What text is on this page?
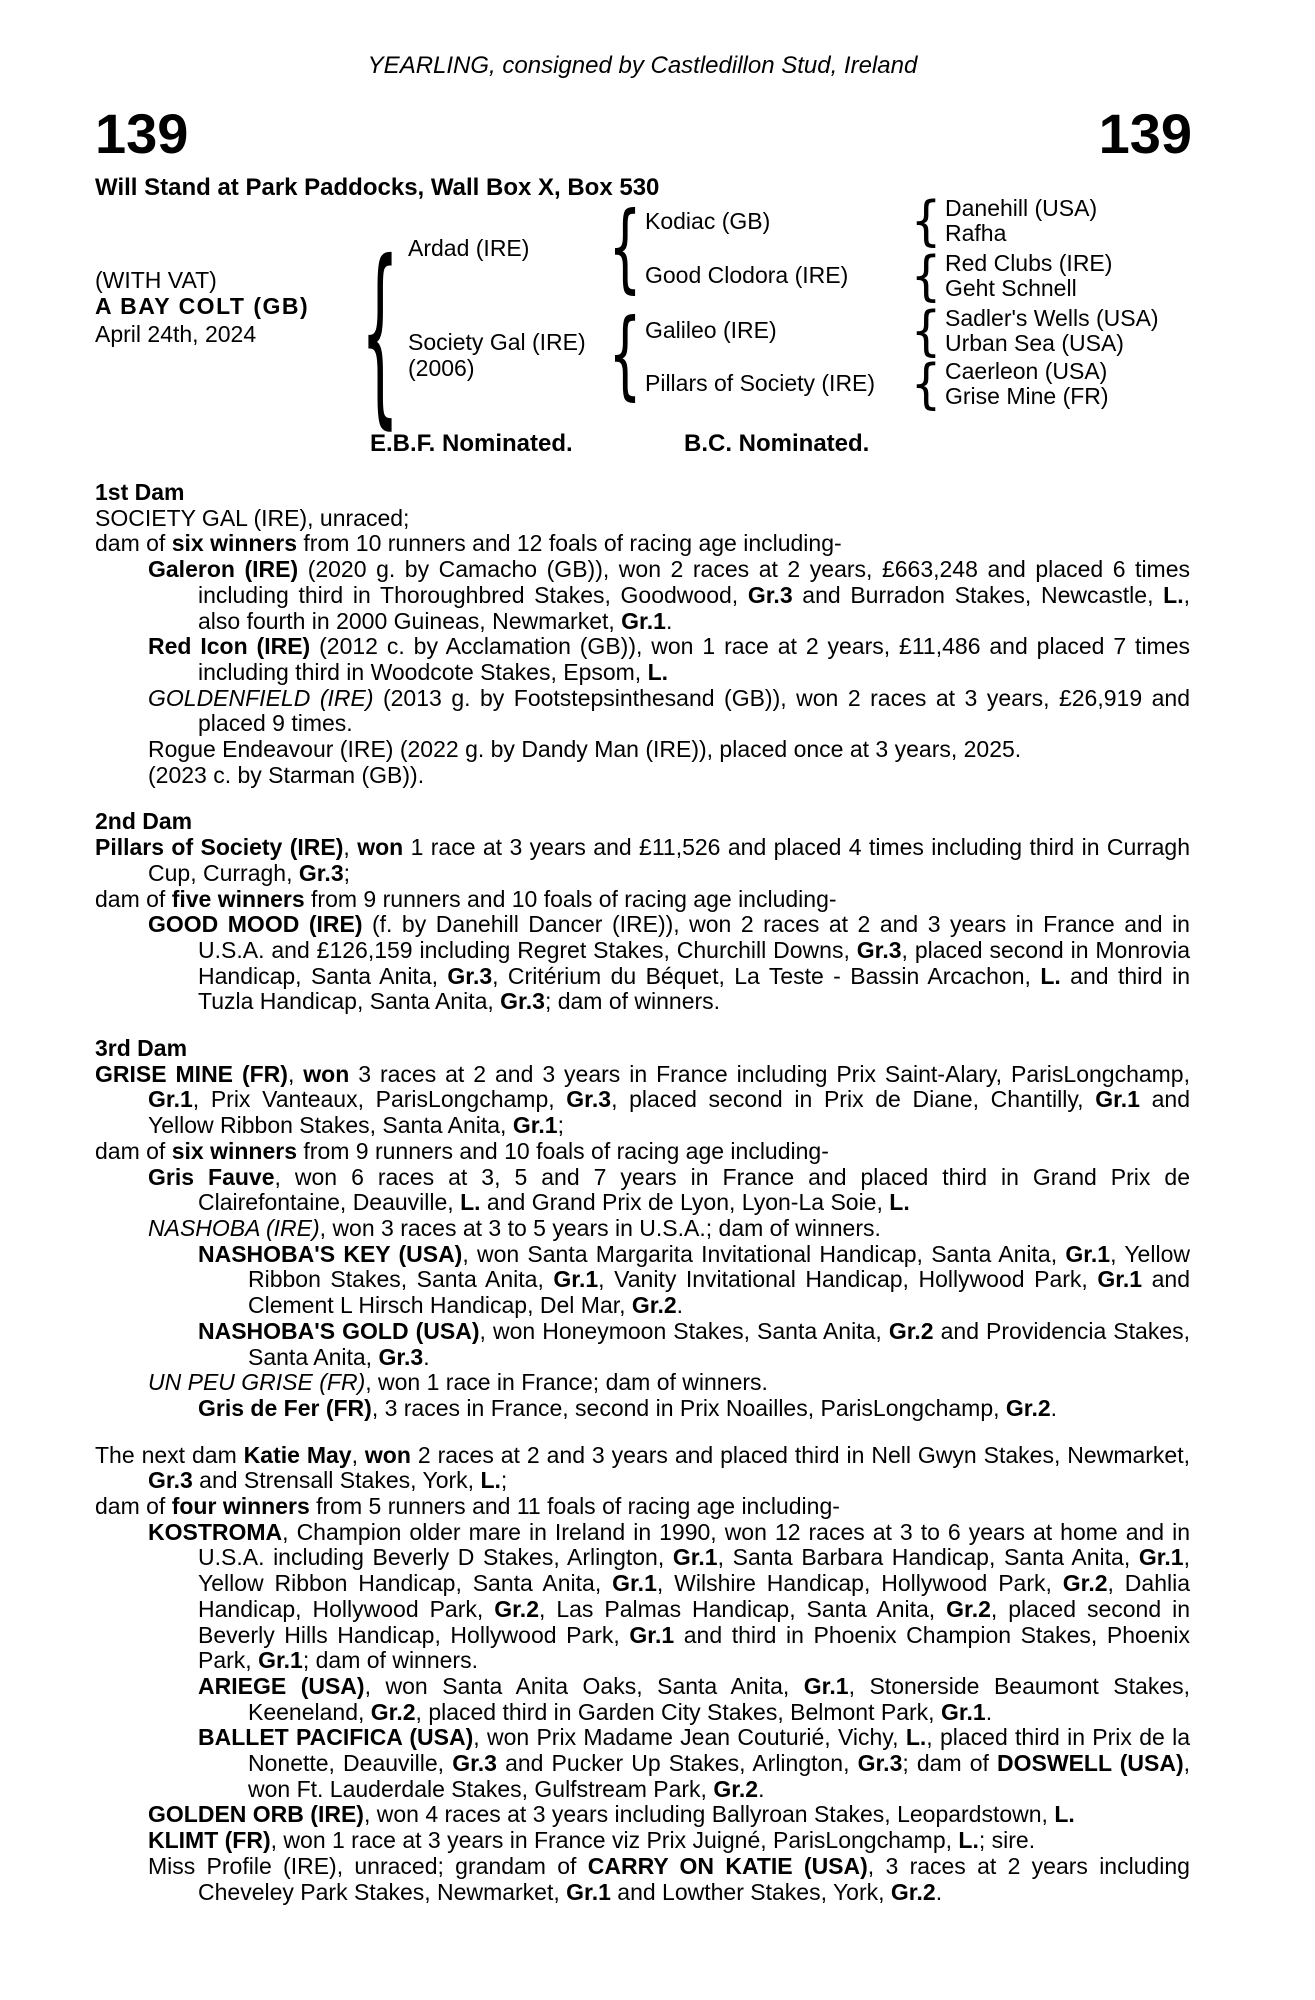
YEARLING, consigned by Castledillon Stud, Ireland
139	139
Will Stand at Park Paddocks, Wall Box X, Box 530
(WITH VAT)
A BAY COLT (GB)
April 24th, 2024 { Ardad (IRE)
Society Gal (IRE)
(2006)
{
{
Kodiac (GB)
Good Clodora (IRE)
Galileo (IRE)
Pillars of Society (IRE)
{
{
{
{
Danehill (USA)
Rafha
Red Clubs (IRE)
Geht Schnell
Sadler's Wells (USA)
Urban Sea (USA)
Caerleon (USA)
Grise Mine (FR)
E.B.F. Nominated.	B.C. Nominated.
1st Dam
SOCIETY GAL (IRE), unraced;
dam of six winners from 10 runners and 12 foals of racing age including-
Galeron (IRE) (2020 g. by Camacho (GB)), won 2 races at 2 years, £663,248 and placed 6 times including third in Thoroughbred Stakes, Goodwood, Gr.3 and Burradon Stakes, Newcastle, L., also fourth in 2000 Guineas, Newmarket, Gr.1.
Red Icon (IRE) (2012 c. by Acclamation (GB)), won 1 race at 2 years, £11,486 and placed 7 times including third in Woodcote Stakes, Epsom, L.
GOLDENFIELD (IRE) (2013 g. by Footstepsinthesand (GB)), won 2 races at 3 years, £26,919 and placed 9 times.
Rogue Endeavour (IRE) (2022 g. by Dandy Man (IRE)), placed once at 3 years, 2025.
(2023 c. by Starman (GB)).
2nd Dam
Pillars of Society (IRE), won 1 race at 3 years and £11,526 and placed 4 times including third in Curragh Cup, Curragh, Gr.3;
dam of five winners from 9 runners and 10 foals of racing age including-
GOOD MOOD (IRE) (f. by Danehill Dancer (IRE)), won 2 races at 2 and 3 years in France and in U.S.A. and £126,159 including Regret Stakes, Churchill Downs, Gr.3, placed second in Monrovia Handicap, Santa Anita, Gr.3, Critérium du Béquet, La Teste - Bassin Arcachon, L. and third in Tuzla Handicap, Santa Anita, Gr.3; dam of winners.
3rd Dam
GRISE MINE (FR), won 3 races at 2 and 3 years in France including Prix Saint-Alary, ParisLongchamp, Gr.1, Prix Vanteaux, ParisLongchamp, Gr.3, placed second in Prix de Diane, Chantilly, Gr.1 and Yellow Ribbon Stakes, Santa Anita, Gr.1;
dam of six winners from 9 runners and 10 foals of racing age including-
Gris Fauve, won 6 races at 3, 5 and 7 years in France and placed third in Grand Prix de Clairefontaine, Deauville, L. and Grand Prix de Lyon, Lyon-La Soie, L.
NASHOBA (IRE), won 3 races at 3 to 5 years in U.S.A.; dam of winners.
NASHOBA'S KEY (USA), won Santa Margarita Invitational Handicap, Santa Anita, Gr.1, Yellow Ribbon Stakes, Santa Anita, Gr.1, Vanity Invitational Handicap, Hollywood Park, Gr.1 and Clement L Hirsch Handicap, Del Mar, Gr.2.
NASHOBA'S GOLD (USA), won Honeymoon Stakes, Santa Anita, Gr.2 and Providencia Stakes, Santa Anita, Gr.3.
UN PEU GRISE (FR), won 1 race in France; dam of winners.
Gris de Fer (FR), 3 races in France, second in Prix Noailles, ParisLongchamp, Gr.2.
The next dam Katie May, won 2 races at 2 and 3 years and placed third in Nell Gwyn Stakes, Newmarket, Gr.3 and Strensall Stakes, York, L.;
dam of four winners from 5 runners and 11 foals of racing age including-
KOSTROMA, Champion older mare in Ireland in 1990, won 12 races at 3 to 6 years at home and in U.S.A. including Beverly D Stakes, Arlington, Gr.1, Santa Barbara Handicap, Santa Anita, Gr.1, Yellow Ribbon Handicap, Santa Anita, Gr.1, Wilshire Handicap, Hollywood Park, Gr.2, Dahlia Handicap, Hollywood Park, Gr.2, Las Palmas Handicap, Santa Anita, Gr.2, placed second in Beverly Hills Handicap, Hollywood Park, Gr.1 and third in Phoenix Champion Stakes, Phoenix Park, Gr.1; dam of winners.
ARIEGE (USA), won Santa Anita Oaks, Santa Anita, Gr.1, Stonerside Beaumont Stakes, Keeneland, Gr.2, placed third in Garden City Stakes, Belmont Park, Gr.1.
BALLET PACIFICA (USA), won Prix Madame Jean Couturié, Vichy, L., placed third in Prix de la Nonette, Deauville, Gr.3 and Pucker Up Stakes, Arlington, Gr.3; dam of DOSWELL (USA), won Ft. Lauderdale Stakes, Gulfstream Park, Gr.2.
GOLDEN ORB (IRE), won 4 races at 3 years including Ballyroan Stakes, Leopardstown, L.
KLIMT (FR), won 1 race at 3 years in France viz Prix Juigné, ParisLongchamp, L.; sire.
Miss Profile (IRE), unraced; grandam of CARRY ON KATIE (USA), 3 races at 2 years including Cheveley Park Stakes, Newmarket, Gr.1 and Lowther Stakes, York, Gr.2.
